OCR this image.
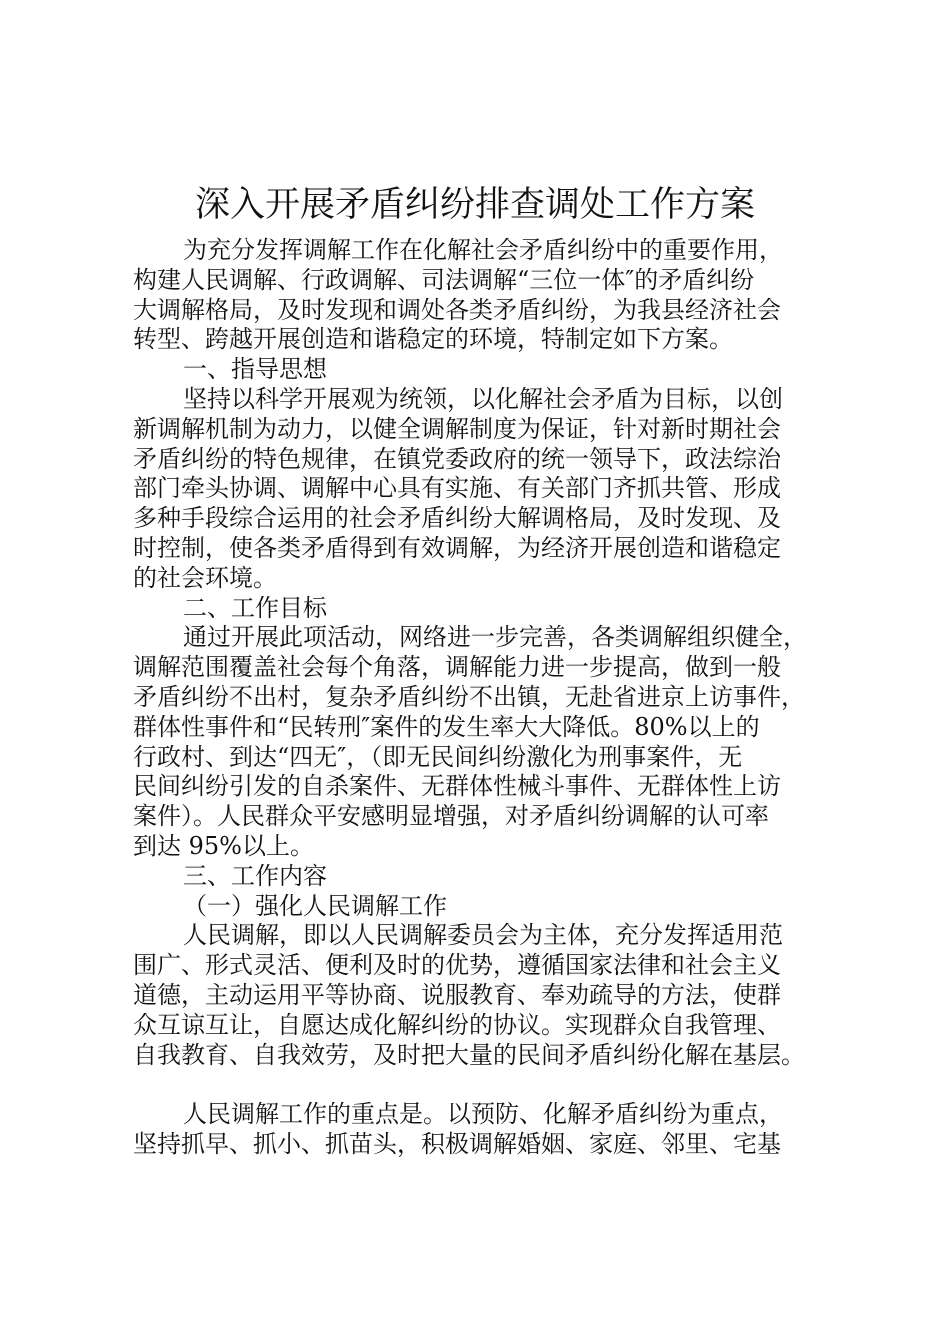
深入开展矛盾纠纷排查调处工作方案

为充分发挥调解工作在化解社会矛盾纠纷中的重要作用，

构建人民调解、行政调解、司法调解“三位一体″的矛盾纠纷

大调解格局，及时发现和调处各类矛盾纠纷，为我县经济社会

转型、跨越开展创造和谐稳定的环境，特制定如下方案。

一、指导思想

坚持以科学开展观为统领，以化解社会矛盾为目标，以创

新调解机制为动力，以健全调解制度为保证，针对新时期社会

矛盾纠纷的特色规律，在镇党委政府的统一领导下，政法综治

部门牵头协调、调解中心具有实施、有关部门齐抓共管、形成

多种手段综合运用的社会矛盾纠纷大解调格局，及时发现、及

时控制，使各类矛盾得到有效调解，为经济开展创造和谐稳定

的社会环境。

二、工作目标

通过开展此项活动，网络进一步完善，各类调解组织健全，

调解范围覆盖社会每个角落，调解能力进一步提高，做到一般

矛盾纠纷不出村，复杂矛盾纠纷不出镇，无赴省进京上访事件，

群体性事件和“民转刑″案件的发生率大大降低。80%以上的

行政村、到达“四无″，（即无民间纠纷激化为刑事案件，无

民间纠纷引发的自杀案件、无群体性械斗事件、无群体性上访

案件）。人民群众平安感明显增强，对矛盾纠纷调解的认可率

到达 95%以上。

三、工作内容

（一）强化人民调解工作

人民调解，即以人民调解委员会为主体，充分发挥适用范

围广、形式灵活、便利及时的优势，遵循国家法律和社会主义

道德，主动运用平等协商、说服教育、奉劝疏导的方法，使群

众互谅互让，自愿达成化解纠纷的协议。实现群众自我管理、

自我教育、自我效劳，及时把大量的民间矛盾纠纷化解在基层。

人民调解工作的重点是。以预防、化解矛盾纠纷为重点，

坚持抓早、抓小、抓苗头，积极调解婚姻、家庭、邻里、宅基
